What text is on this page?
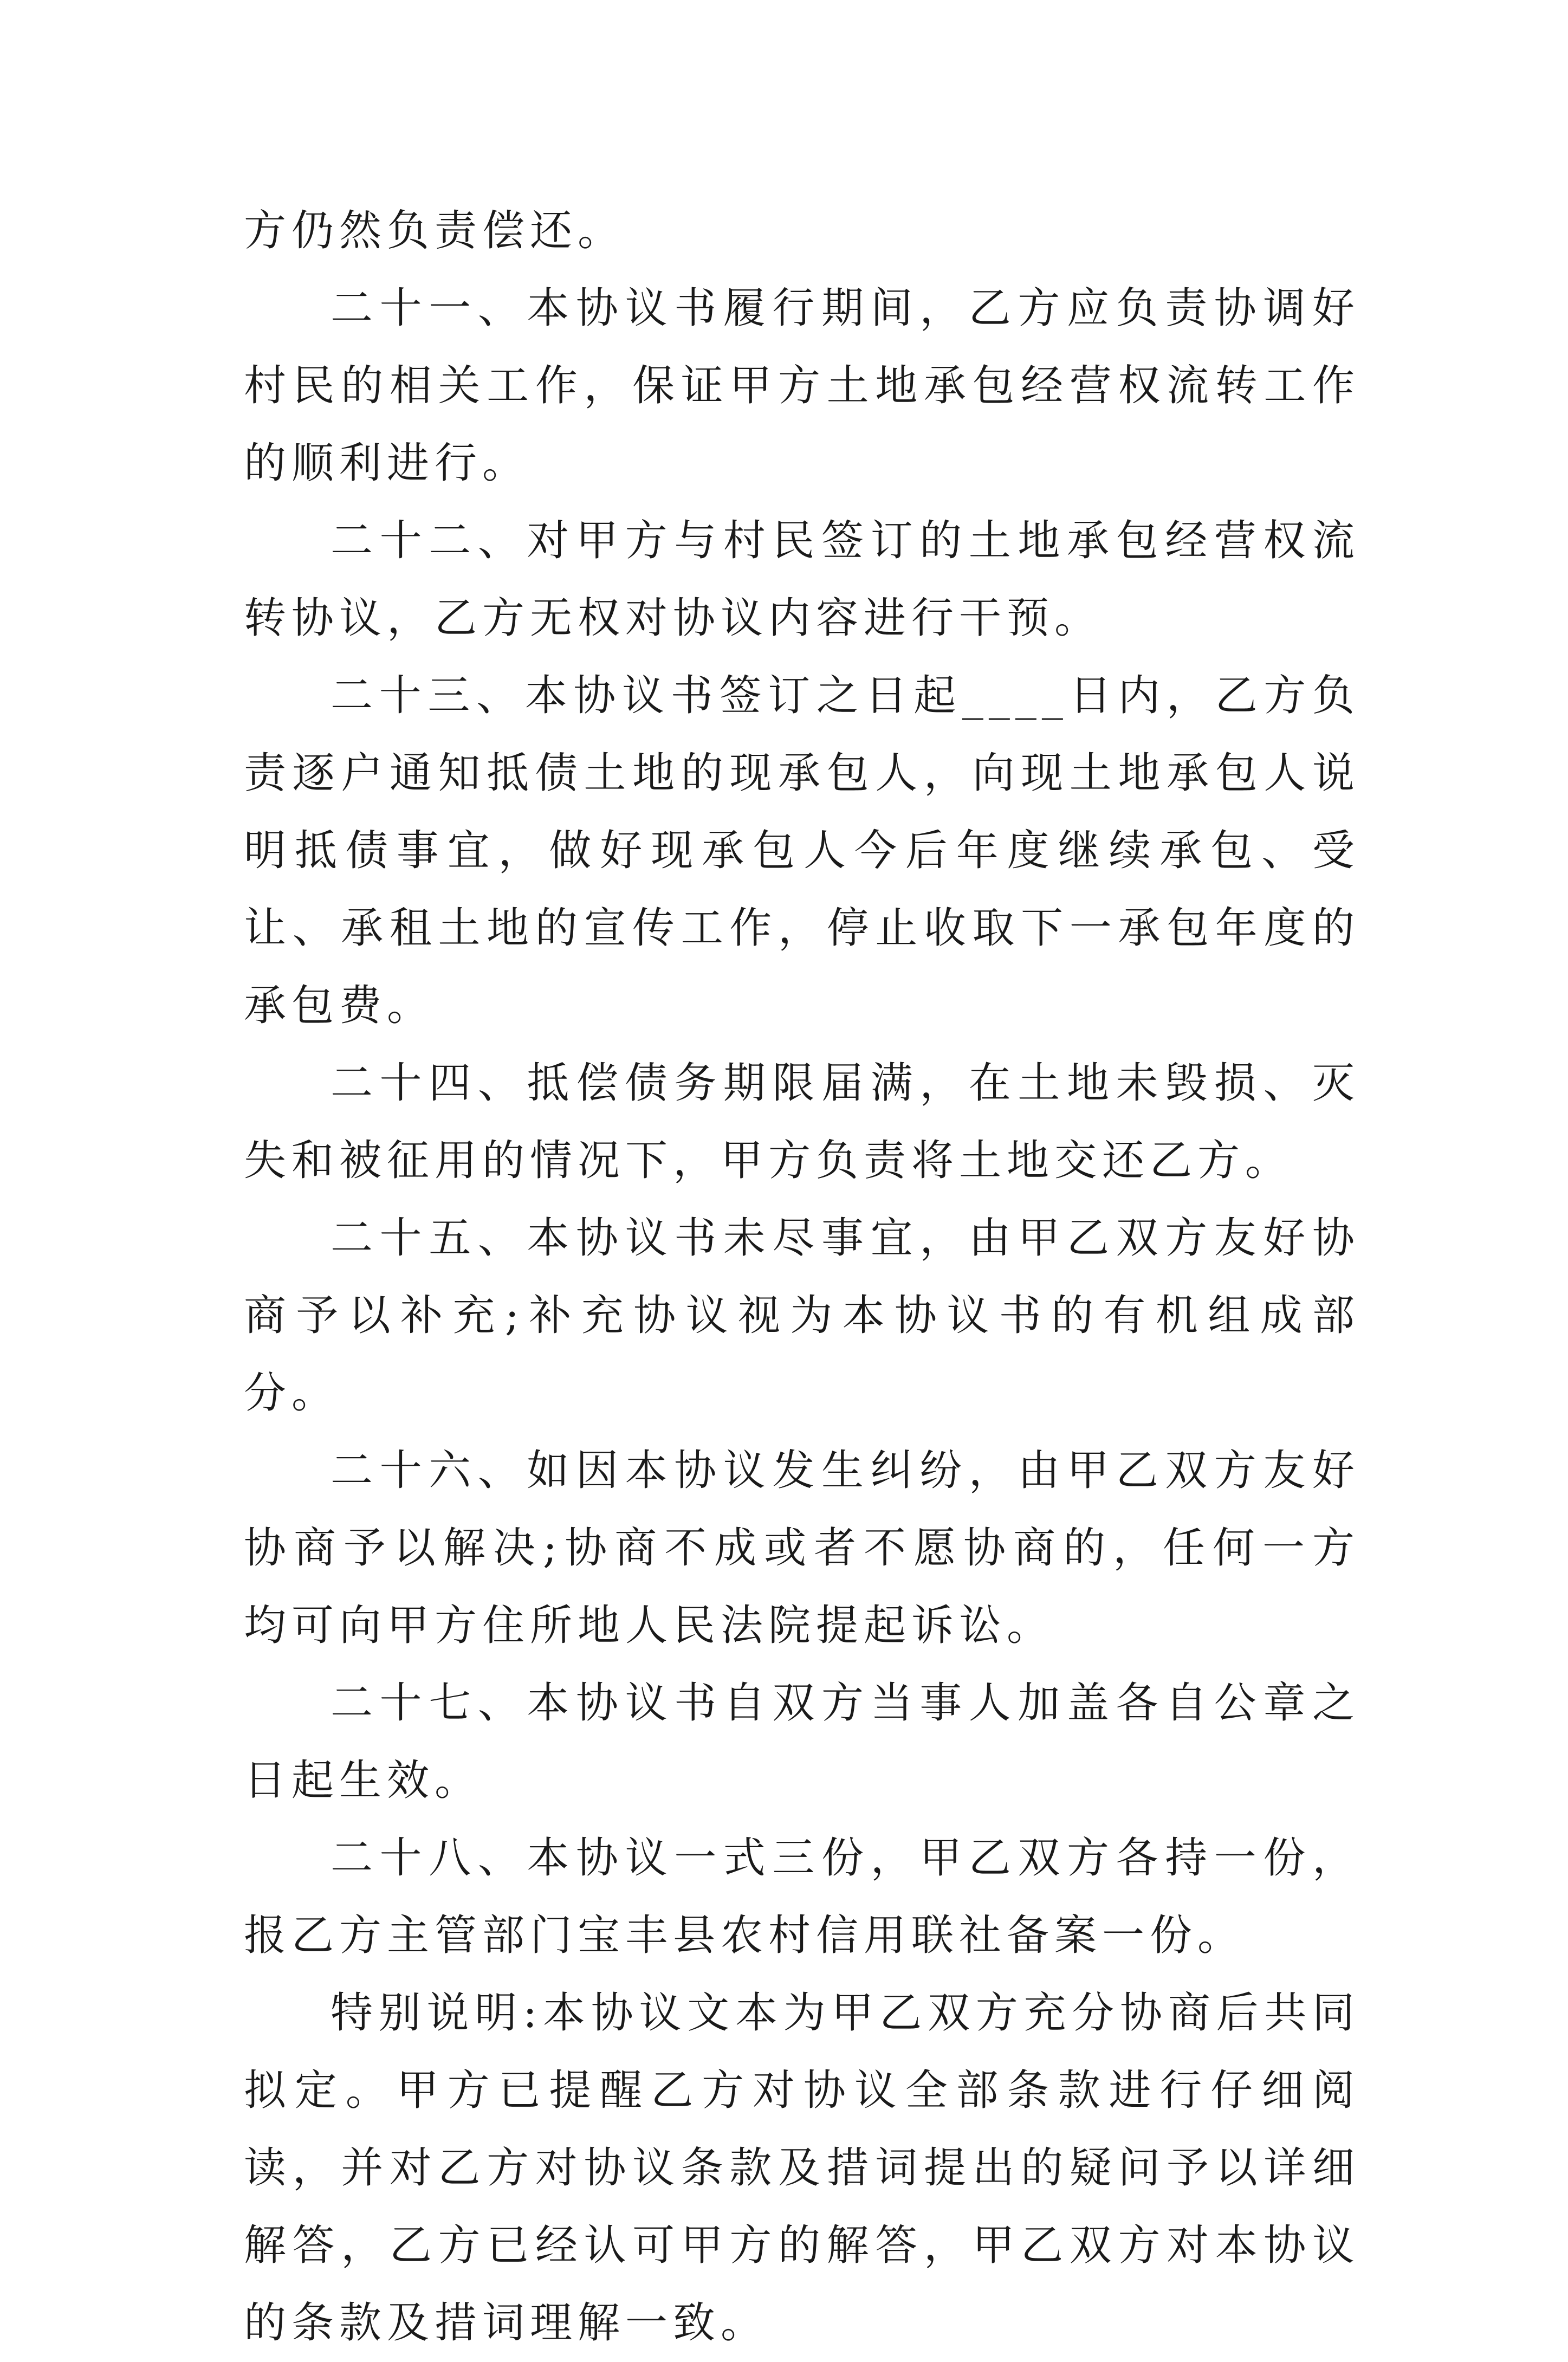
方仍然负责偿还。

二十一、本协议书履行期间，乙方应负责协调好村民的相关工作，保证甲方土地承包经营权流转工作的顺利进行。

二十二、对甲方与村民签订的土地承包经营权流转协议，乙方无权对协议内容进行干预。

二十三、本协议书签订之日起____日内，乙方负责逐户通知抵债土地的现承包人，向现土地承包人说明抵债事宜，做好现承包人今后年度继续承包、受让、承租土地的宣传工作，停止收取下一承包年度的承包费。

二十四、抵偿债务期限届满，在土地未毁损、灭失和被征用的情况下，甲方负责将土地交还乙方。

二十五、本协议书未尽事宜，由甲乙双方友好协商予以补充;补充协议视为本协议书的有机组成部分。

二十六、如因本协议发生纠纷，由甲乙双方友好协商予以解决;协商不成或者不愿协商的，任何一方均可向甲方住所地人民法院提起诉讼。

二十七、本协议书自双方当事人加盖各自公章之日起生效。

二十八、本协议一式三份，甲乙双方各持一份，报乙方主管部门宝丰县农村信用联社备案一份。

特别说明:本协议文本为甲乙双方充分协商后共同拟定。甲方已提醒乙方对协议全部条款进行仔细阅读，并对乙方对协议条款及措词提出的疑问予以详细解答，乙方已经认可甲方的解答，甲乙双方对本协议的条款及措词理解一致。
